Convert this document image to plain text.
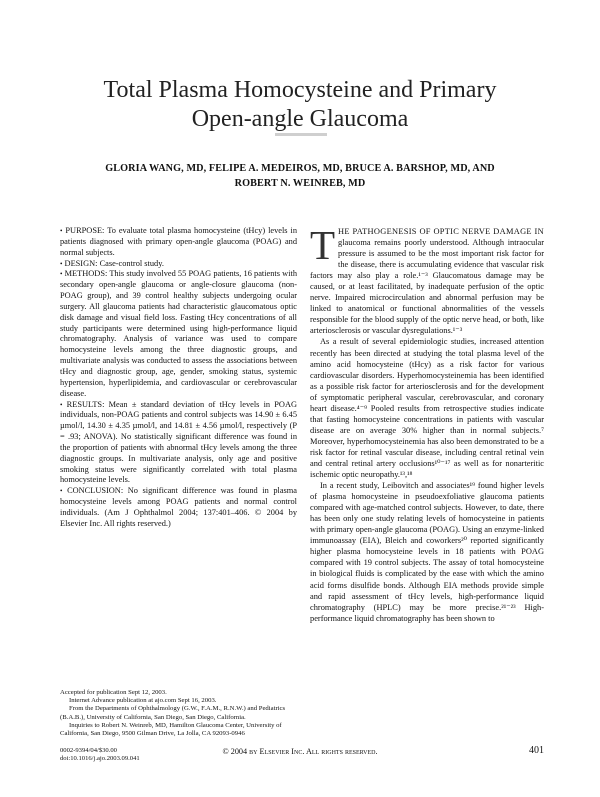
Total Plasma Homocysteine and Primary
Open-angle Glaucoma
GLORIA WANG, MD, FELIPE A. MEDEIROS, MD, BRUCE A. BARSHOP, MD, AND
ROBERT N. WEINREB, MD

• PURPOSE: To evaluate total plasma homocysteine (tHcy) levels in patients diagnosed with primary open-angle glaucoma (POAG) and normal subjects.

• DESIGN: Case-control study.

• METHODS: This study involved 55 POAG patients, 16 patients with secondary open-angle glaucoma or angle-closure glaucoma (non-POAG group), and 39 control healthy subjects undergoing ocular surgery. All glaucoma patients had characteristic glaucomatous optic disk damage and visual field loss. Fasting tHcy concentrations of all study participants were determined using high-performance liquid chromatography. Analysis of variance was used to compare homocysteine levels among the three diagnostic groups, and multivariate analysis was conducted to assess the associations between tHcy and diagnostic group, age, gender, smoking status, systemic hypertension, hyperlipidemia, and cardiovascular or cerebrovascular disease.

• RESULTS: Mean ± standard deviation of tHcy levels in POAG individuals, non-POAG patients and control subjects was 14.90 ± 6.45 µmol/l, 14.30 ± 4.35 µmol/l, and 14.81 ± 4.56 µmol/l, respectively (P = .93; ANOVA). No statistically significant difference was found in the proportion of patients with abnormal tHcy levels among the three diagnostic groups. In multivariate analysis, only age and positive smoking status were significantly correlated with total plasma homocysteine levels.

• CONCLUSION: No significant difference was found in plasma homocysteine levels among POAG patients and normal control individuals. (Am J Ophthalmol 2004; 137:401–406. © 2004 by Elsevier Inc. All rights reserved.)

Accepted for publication Sept 12, 2003.

Internet Advance publication at ajo.com Sept 16, 2003.

From the Departments of Ophthalmology (G.W., F.A.M., R.N.W.) and Pediatrics (B.A.B.), University of California, San Diego, San Diego, California.

Inquiries to Robert N. Weinreb, MD, Hamilton Glaucoma Center, University of California, San Diego, 9500 Gilman Drive, La Jolla, CA 92093-0946

T HE PATHOGENESIS OF OPTIC NERVE DAMAGE IN glaucoma remains poorly understood. Although intraocular pressure is assumed to be the most important risk factor for the disease, there is accumulating evidence that vascular risk factors may also play a role.¹⁻³ Glaucomatous damage may be caused, or at least facilitated, by inadequate perfusion of the optic nerve. Impaired microcirculation and abnormal perfusion may be linked to anatomical or functional abnormalities of the vessels responsible for the blood supply of the optic nerve head, or both, like arteriosclerosis or vascular dysregulations.¹⁻³

As a result of several epidemiologic studies, increased attention recently has been directed at studying the total plasma level of the amino acid homocysteine (tHcy) as a risk factor for various cardiovascular disorders. Hyperhomocysteinemia has been identified as a possible risk factor for arteriosclerosis and for the development of symptomatic peripheral vascular, cerebrovascular, and coronary heart disease.⁴⁻⁹ Pooled results from retrospective studies indicate that fasting homocysteine concentrations in patients with vascular disease are on average 30% higher than in normal subjects.⁷ Moreover, hyperhomocysteinemia has also been demonstrated to be a risk factor for retinal vascular disease, including central retinal vein and central retinal artery occlusions¹⁰⁻¹⁷ as well as for nonarteritic ischemic optic neuropathy.¹³,¹⁸

In a recent study, Leibovitch and associates¹⁹ found higher levels of plasma homocysteine in pseudoexfoliative glaucoma patients compared with age-matched control subjects. However, to date, there has been only one study relating levels of homocysteine in patients with primary open-angle glaucoma (POAG). Using an enzyme-linked immunoassay (EIA), Bleich and coworkers²⁰ reported significantly higher plasma homocysteine levels in 18 patients with POAG compared with 19 control subjects. The assay of total homocysteine in biological fluids is complicated by the ease with which the amino acid forms disulfide bonds. Although EIA methods provide simple and rapid assessment of tHcy levels, high-performance liquid chromatography (HPLC) may be more precise.²¹⁻²³ High-performance liquid chromatography has been shown to

0002-9394/04/$30.00
doi:10.1016/j.ajo.2003.09.041
© 2004 by Elsevier Inc. All rights reserved.	401
